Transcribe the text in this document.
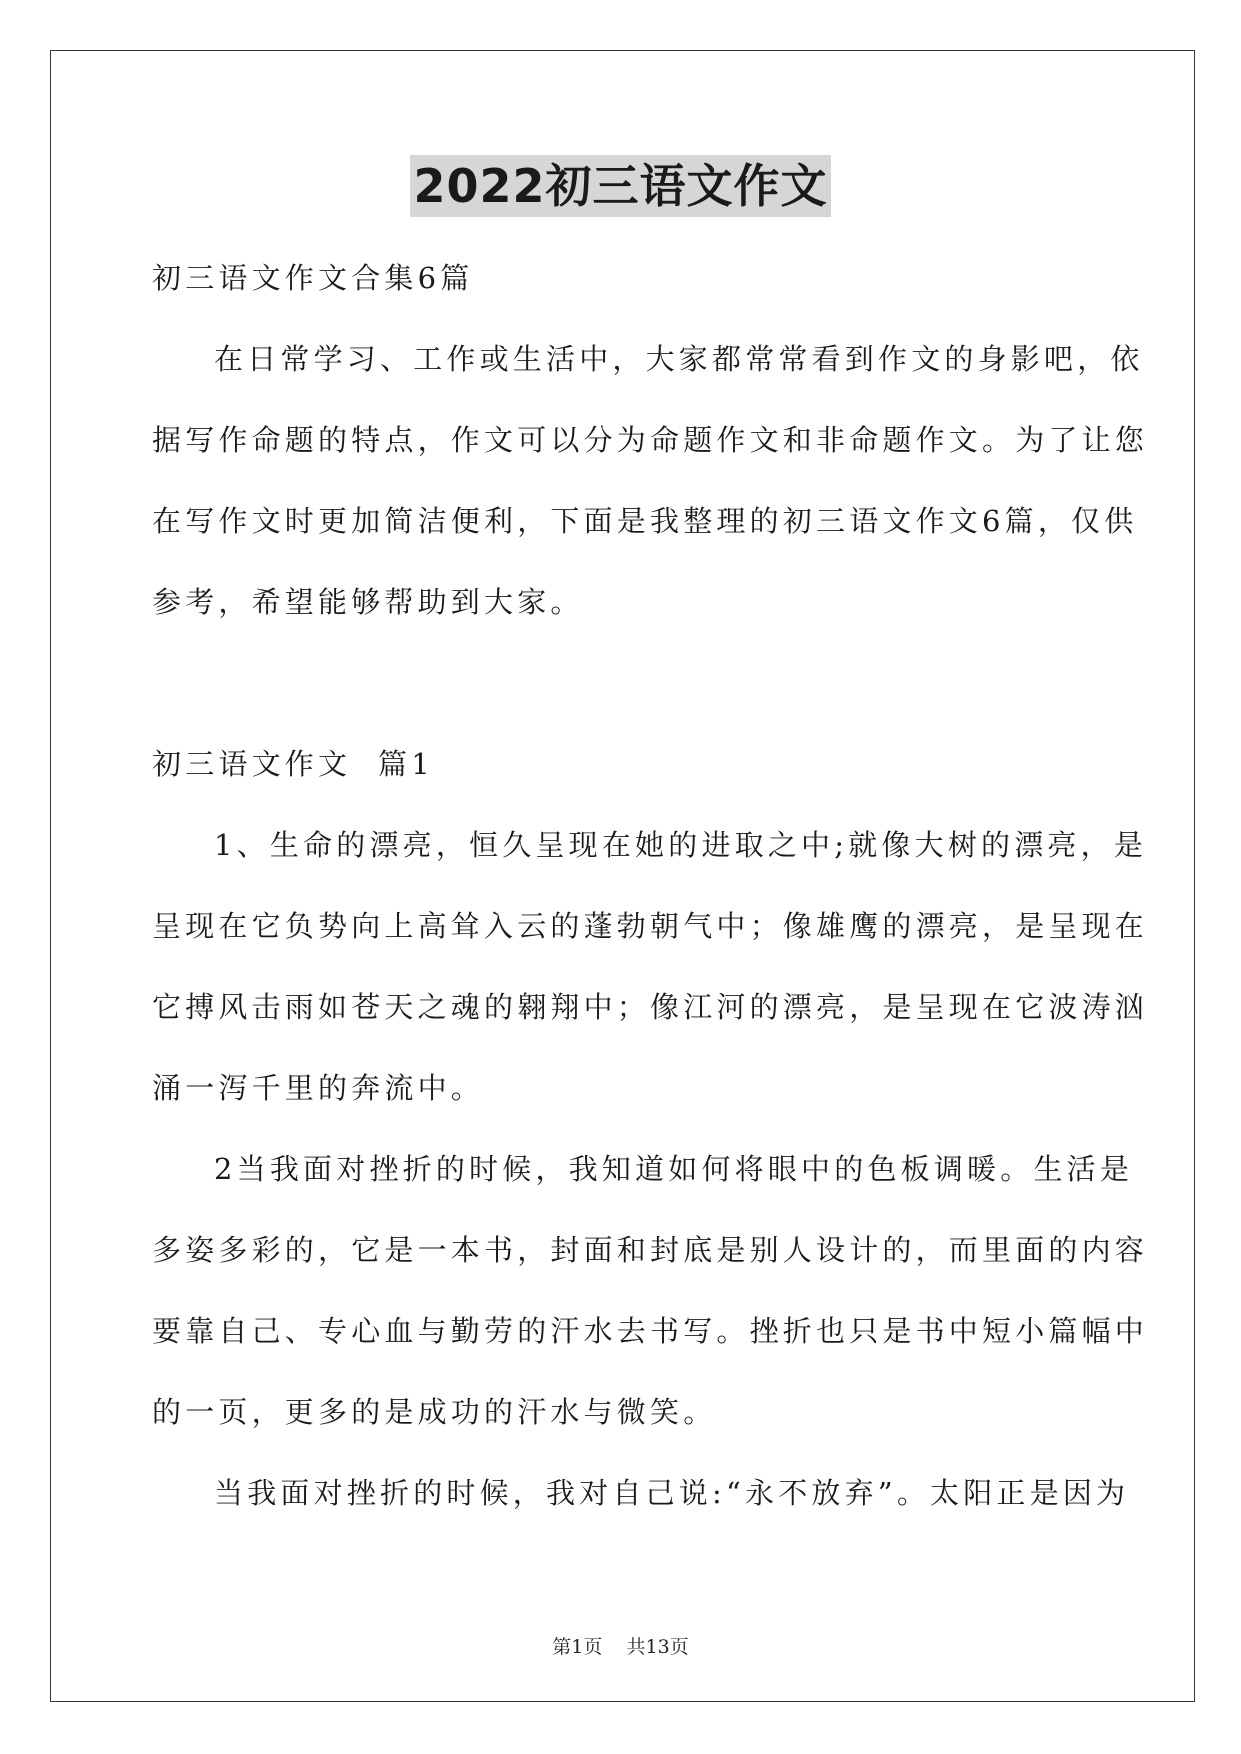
2022初三语文作文
初三语文作文合集6篇
在日常学习、工作或生活中，大家都常常看到作文的身影吧，依
据写作命题的特点，作文可以分为命题作文和非命题作文。为了让您
在写作文时更加简洁便利，下面是我整理的初三语文作文6篇，仅供
参考，希望能够帮助到大家。
初三语文作文  篇1
1、生命的漂亮，恒久呈现在她的进取之中;就像大树的漂亮，是
呈现在它负势向上高耸入云的蓬勃朝气中；像雄鹰的漂亮，是呈现在
它搏风击雨如苍天之魂的翱翔中；像江河的漂亮，是呈现在它波涛汹
涌一泻千里的奔流中。
2当我面对挫折的时候，我知道如何将眼中的色板调暖。生活是
多姿多彩的，它是一本书，封面和封底是别人设计的，而里面的内容
要靠自己、专心血与勤劳的汗水去书写。挫折也只是书中短小篇幅中
的一页，更多的是成功的汗水与微笑。
当我面对挫折的时候，我对自己说:“永不放弃”。太阳正是因为
第1页    共13页
